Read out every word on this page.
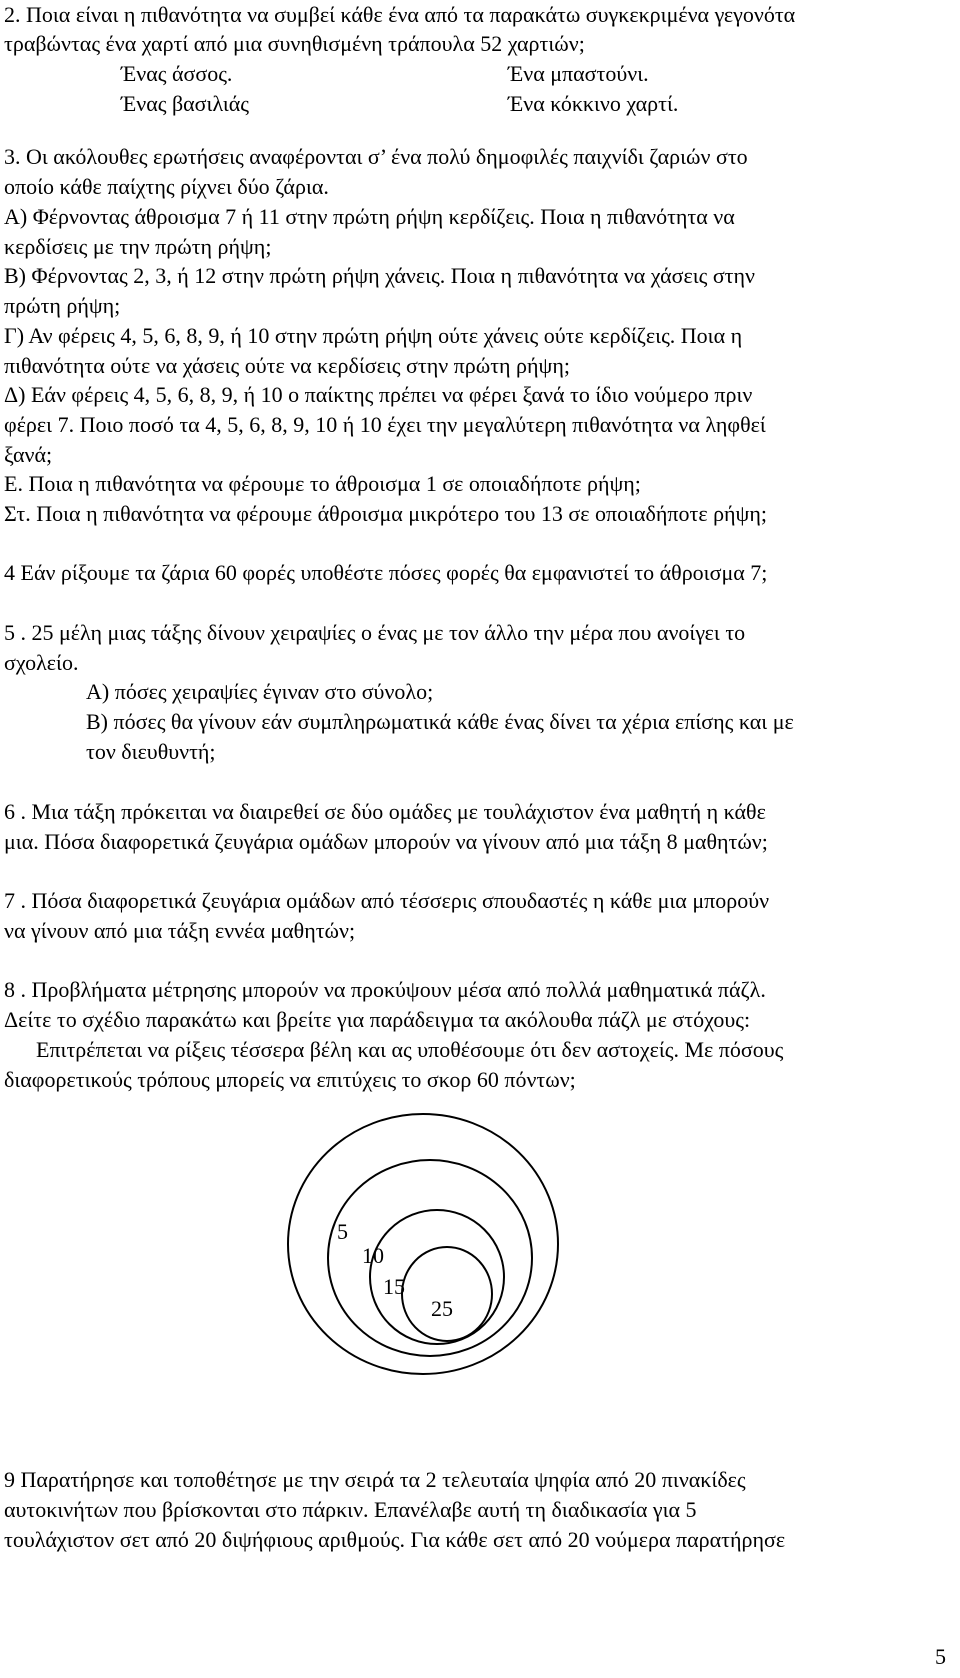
2. Ποια είναι η πιθανότητα να συμβεί κάθε ένα από τα παρακάτω συγκεκριμένα γεγονότα
τραβώντας ένα χαρτί από μια συνηθισμένη τράπουλα 52 χαρτιών;
Ένας άσσος.	Ένα μπαστούνι.
Ένας βασιλιάς	Ένα κόκκινο χαρτί.
3. Οι ακόλουθες ερωτήσεις αναφέρονται σ’ ένα πολύ δημοφιλές παιχνίδι ζαριών στο
οποίο κάθε παίχτης ρίχνει δύο ζάρια.
Α) Φέρνοντας άθροισμα 7 ή 11 στην πρώτη ρήψη κερδίζεις. Ποια η πιθανότητα να
κερδίσεις με την πρώτη ρήψη;
Β) Φέρνοντας 2, 3, ή 12 στην πρώτη ρήψη χάνεις. Ποια η πιθανότητα να χάσεις στην
πρώτη ρήψη;
Γ) Αν φέρεις 4, 5, 6, 8, 9, ή 10 στην πρώτη ρήψη ούτε χάνεις ούτε κερδίζεις. Ποια η
πιθανότητα ούτε να χάσεις ούτε να κερδίσεις στην πρώτη ρήψη;
Δ) Εάν φέρεις 4, 5, 6, 8, 9, ή 10 ο παίκτης πρέπει να φέρει ξανά το ίδιο νούμερο πριν
φέρει 7. Ποιο ποσό τα 4, 5, 6, 8, 9, 10 ή 10 έχει την μεγαλύτερη πιθανότητα να ληφθεί
ξανά;
Ε. Ποια η πιθανότητα να φέρουμε το άθροισμα 1 σε οποιαδήποτε ρήψη;
Στ. Ποια η πιθανότητα να φέρουμε άθροισμα μικρότερο του 13 σε οποιαδήποτε ρήψη;
4 Εάν ρίξουμε τα ζάρια 60 φορές υποθέστε πόσες φορές θα εμφανιστεί το άθροισμα 7;
5 . 25 μέλη μιας τάξης δίνουν χειραψίες ο ένας με τον άλλο την μέρα που ανοίγει το
σχολείο.
Α) πόσες χειραψίες έγιναν στο σύνολο;
Β) πόσες θα γίνουν εάν συμπληρωματικά κάθε ένας δίνει τα χέρια επίσης και με
τον διευθυντή;
6 . Μια τάξη πρόκειται να διαιρεθεί σε δύο ομάδες με τουλάχιστον ένα μαθητή η κάθε
μια. Πόσα διαφορετικά ζευγάρια ομάδων μπορούν να γίνουν από μια τάξη 8 μαθητών;
7 . Πόσα διαφορετικά ζευγάρια ομάδων από τέσσερις σπουδαστές η κάθε μια μπορούν
να γίνουν από μια τάξη εννέα μαθητών;
8 . Προβλήματα μέτρησης μπορούν να προκύψουν μέσα από πολλά μαθηματικά πάζλ.
Δείτε το σχέδιο παρακάτω και βρείτε για παράδειγμα τα ακόλουθα πάζλ με στόχους:
Επιτρέπεται να ρίξεις τέσσερα βέλη και ας υποθέσουμε ότι δεν αστοχείς. Με πόσους
διαφορετικούς τρόπους μπορείς να επιτύχεις το σκορ 60 πόντων;
5
10
15
25
9 Παρατήρησε και τοποθέτησε με την σειρά τα 2 τελευταία ψηφία από 20 πινακίδες
αυτοκινήτων που βρίσκονται στο πάρκιν. Επανέλαβε αυτή τη διαδικασία για 5
τουλάχιστον σετ από 20 διψήφιους αριθμούς. Για κάθε σετ από 20 νούμερα παρατήρησε
5
